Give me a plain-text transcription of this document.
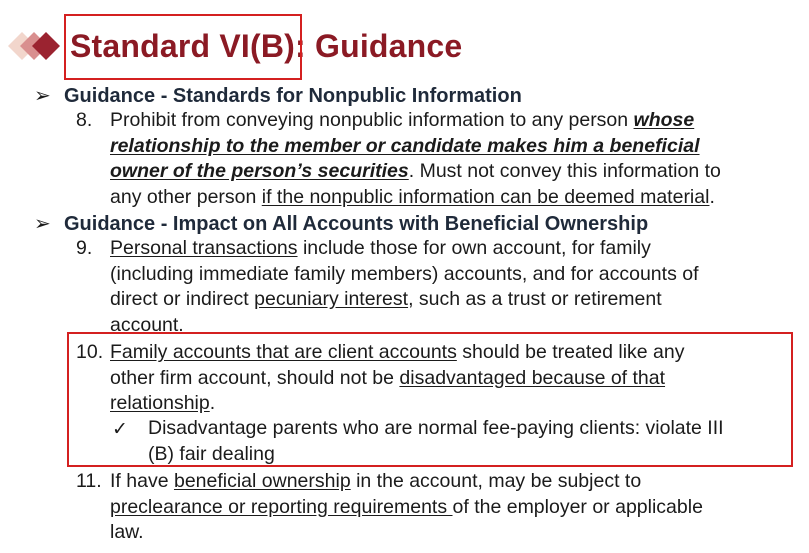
Standard VI(B): Guidance
➢ Guidance - Standards for Nonpublic Information
8. Prohibit from conveying nonpublic information to any person whose
relationship to the member or candidate makes him a beneficial
owner of the person’s securities. Must not convey this information to
any other person if the nonpublic information can be deemed material.
➢ Guidance - Impact on All Accounts with Beneficial Ownership
9. Personal transactions include those for own account, for family
(including immediate family members) accounts, and for accounts of
direct or indirect pecuniary interest, such as a trust or retirement
account.
10. Family accounts that are client accounts should be treated like any
other firm account, should not be disadvantaged because of that
relationship.
✓ Disadvantage parents who are normal fee-paying clients: violate III
(B) fair dealing
11. If have beneficial ownership in the account, may be subject to
preclearance or reporting requirements of the employer or applicable
law.
